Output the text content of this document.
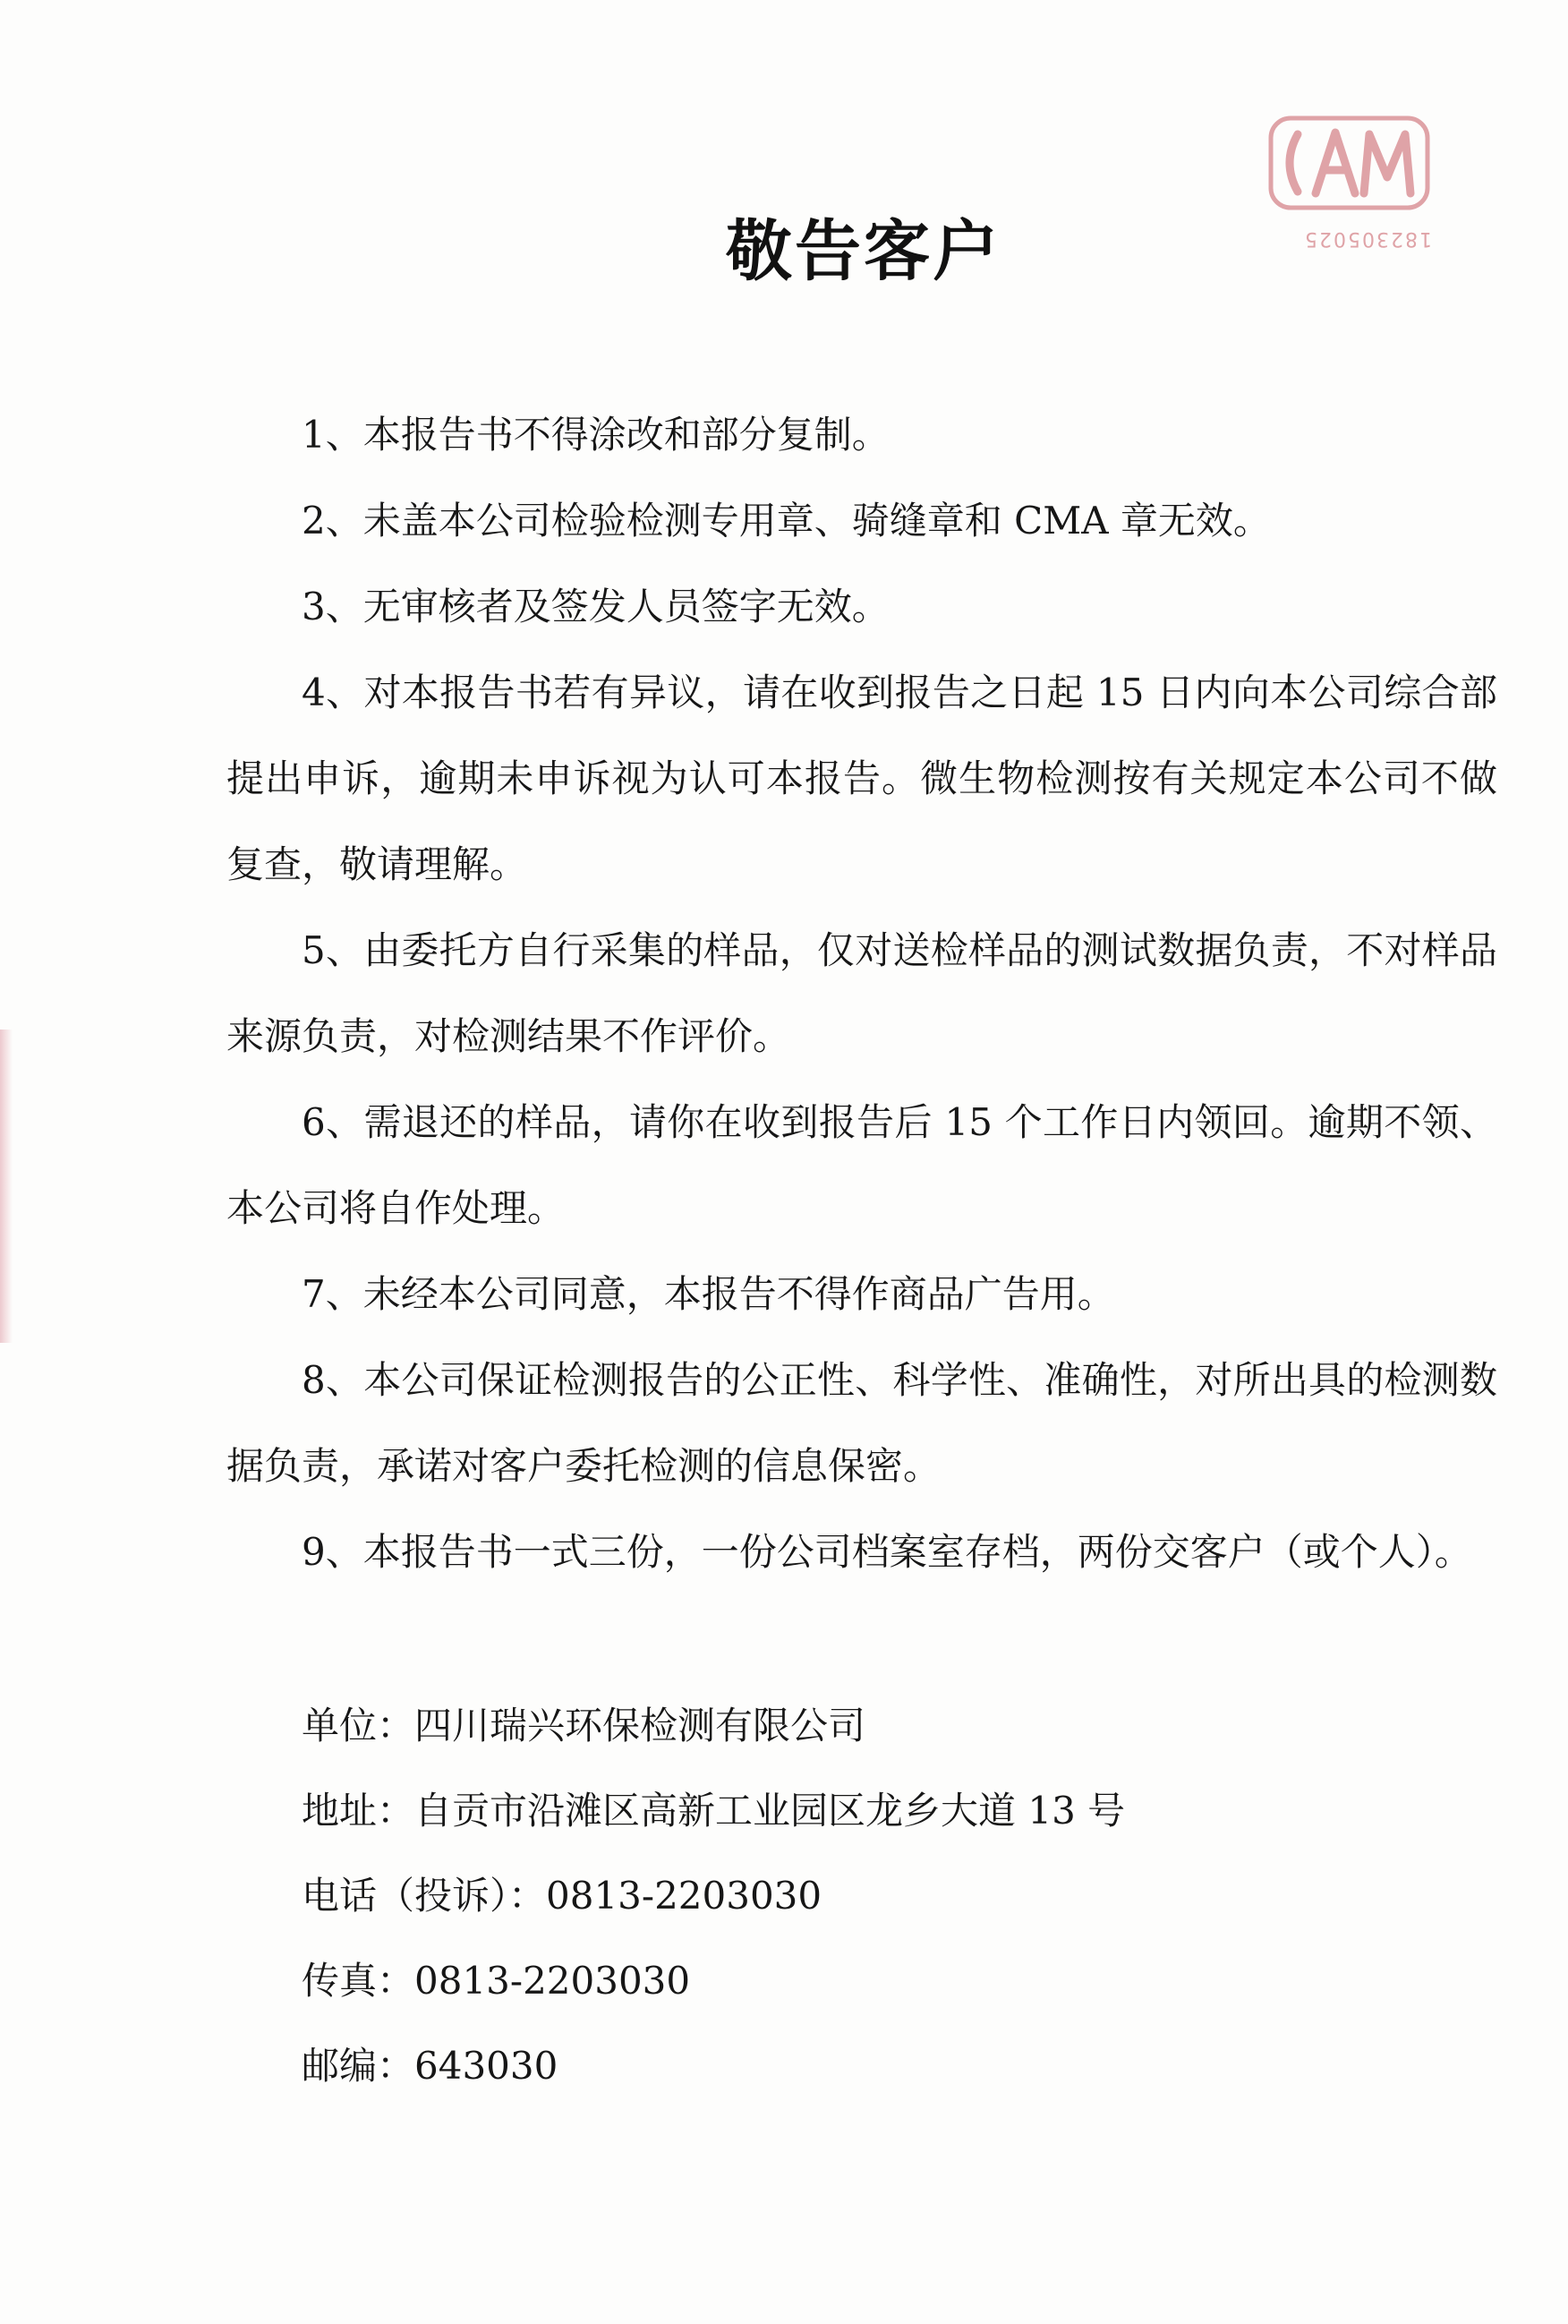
182305025
敬告客户

1、本报告书不得涂改和部分复制。

2、未盖本公司检验检测专用章、骑缝章和 CMA 章无效。

3、无审核者及签发人员签字无效。

4、对本报告书若有异议，请在收到报告之日起 15 日内向本公司综合部提出申诉，逾期未申诉视为认可本报告。微生物检测按有关规定本公司不做复查，敬请理解。

5、由委托方自行采集的样品，仅对送检样品的测试数据负责，不对样品来源负责，对检测结果不作评价。

6、需退还的样品，请你在收到报告后 15 个工作日内领回。逾期不领、本公司将自作处理。

7、未经本公司同意，本报告不得作商品广告用。

8、本公司保证检测报告的公正性、科学性、准确性，对所出具的检测数据负责，承诺对客户委托检测的信息保密。

9、本报告书一式三份，一份公司档案室存档，两份交客户（或个人）。

单位：四川瑞兴环保检测有限公司
地址：自贡市沿滩区高新工业园区龙乡大道 13 号
电话（投诉）：0813-2203030
传真：0813-2203030
邮编：643030
